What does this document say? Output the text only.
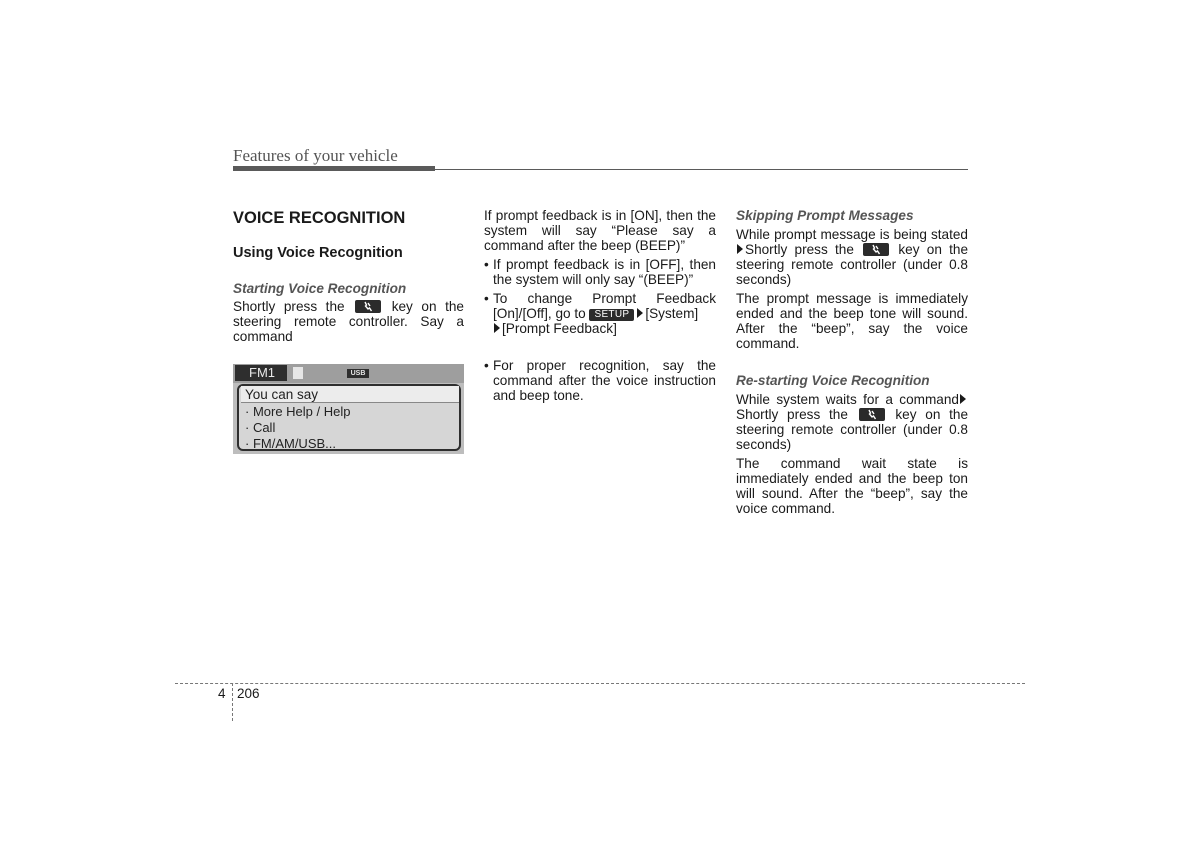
Features of your vehicle
VOICE RECOGNITION
Using Voice Recognition
Starting Voice Recognition

Shortly press the	key on the steering remote controller. Say a command

FM1	USB
You can say
· More Help / Help
· Call
· FM/AM/USB...

If prompt feedback is in [ON], then the system will say “Please say a command after the beep (BEEP)”

• If prompt feedback is in [OFF], then the system will only say “(BEEP)”
• To change Prompt Feedback [On]/[Off], go to SETUP [System]
[Prompt Feedback]
• For proper recognition, say the command after the voice instruction and beep tone.
Skipping Prompt Messages

While prompt message is being statedShortly press the	key on the steering remote controller (under 0.8 seconds)

The prompt message is immediately ended and the beep tone will sound. After the “beep”, say the voice command.

Re-starting Voice Recognition

While system waits for a command Shortly press the	key on the steering remote controller (under 0.8 seconds)

The command wait state is immediately ended and the beep ton will sound. After the “beep”, say the voice command.

4 206
